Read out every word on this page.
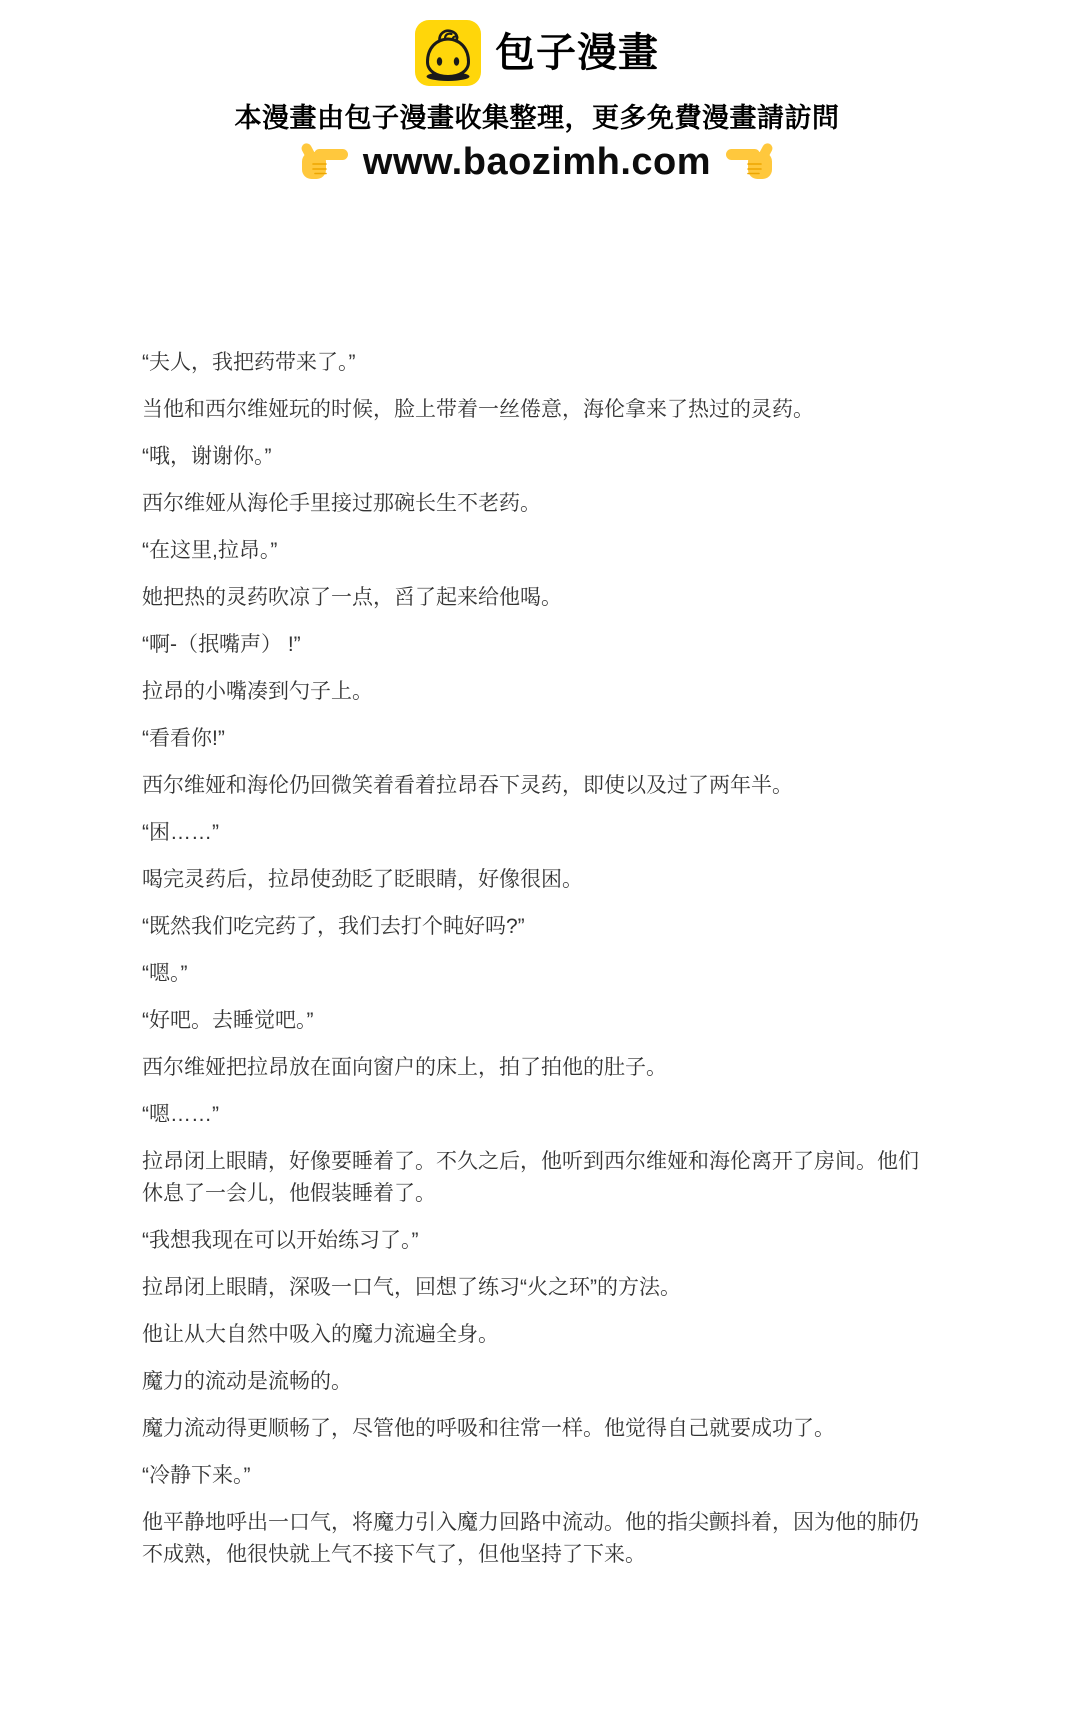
包子漫畫
本漫畫由包子漫畫收集整理，更多免費漫畫請訪問
www.baozimh.com

“夫人，我把药带来了。”

当他和西尔维娅玩的时候，脸上带着一丝倦意，海伦拿来了热过的灵药。

“哦，谢谢你。”

西尔维娅从海伦手里接过那碗长生不老药。

“在这里,拉昂。”

她把热的灵药吹凉了一点，舀了起来给他喝。

“啊-（抿嘴声） !”

拉昂的小嘴凑到勺子上。

“看看你!”

西尔维娅和海伦仍回微笑着看着拉昂吞下灵药，即使以及过了两年半。

“困……”

喝完灵药后，拉昂使劲眨了眨眼睛，好像很困。

“既然我们吃完药了，我们去打个盹好吗?”

“嗯。”

“好吧。去睡觉吧。”

西尔维娅把拉昂放在面向窗户的床上，拍了拍他的肚子。

“嗯……”

拉昂闭上眼睛，好像要睡着了。不久之后，他听到西尔维娅和海伦离开了房间。他们休息了一会儿，他假装睡着了。

“我想我现在可以开始练习了。”

拉昂闭上眼睛，深吸一口气，回想了练习“火之环”的方法。

他让从大自然中吸入的魔力流遍全身。

魔力的流动是流畅的。

魔力流动得更顺畅了，尽管他的呼吸和往常一样。他觉得自己就要成功了。

“冷静下来。”

他平静地呼出一口气，将魔力引入魔力回路中流动。他的指尖颤抖着，因为他的肺仍不成熟，他很快就上气不接下气了，但他坚持了下来。
